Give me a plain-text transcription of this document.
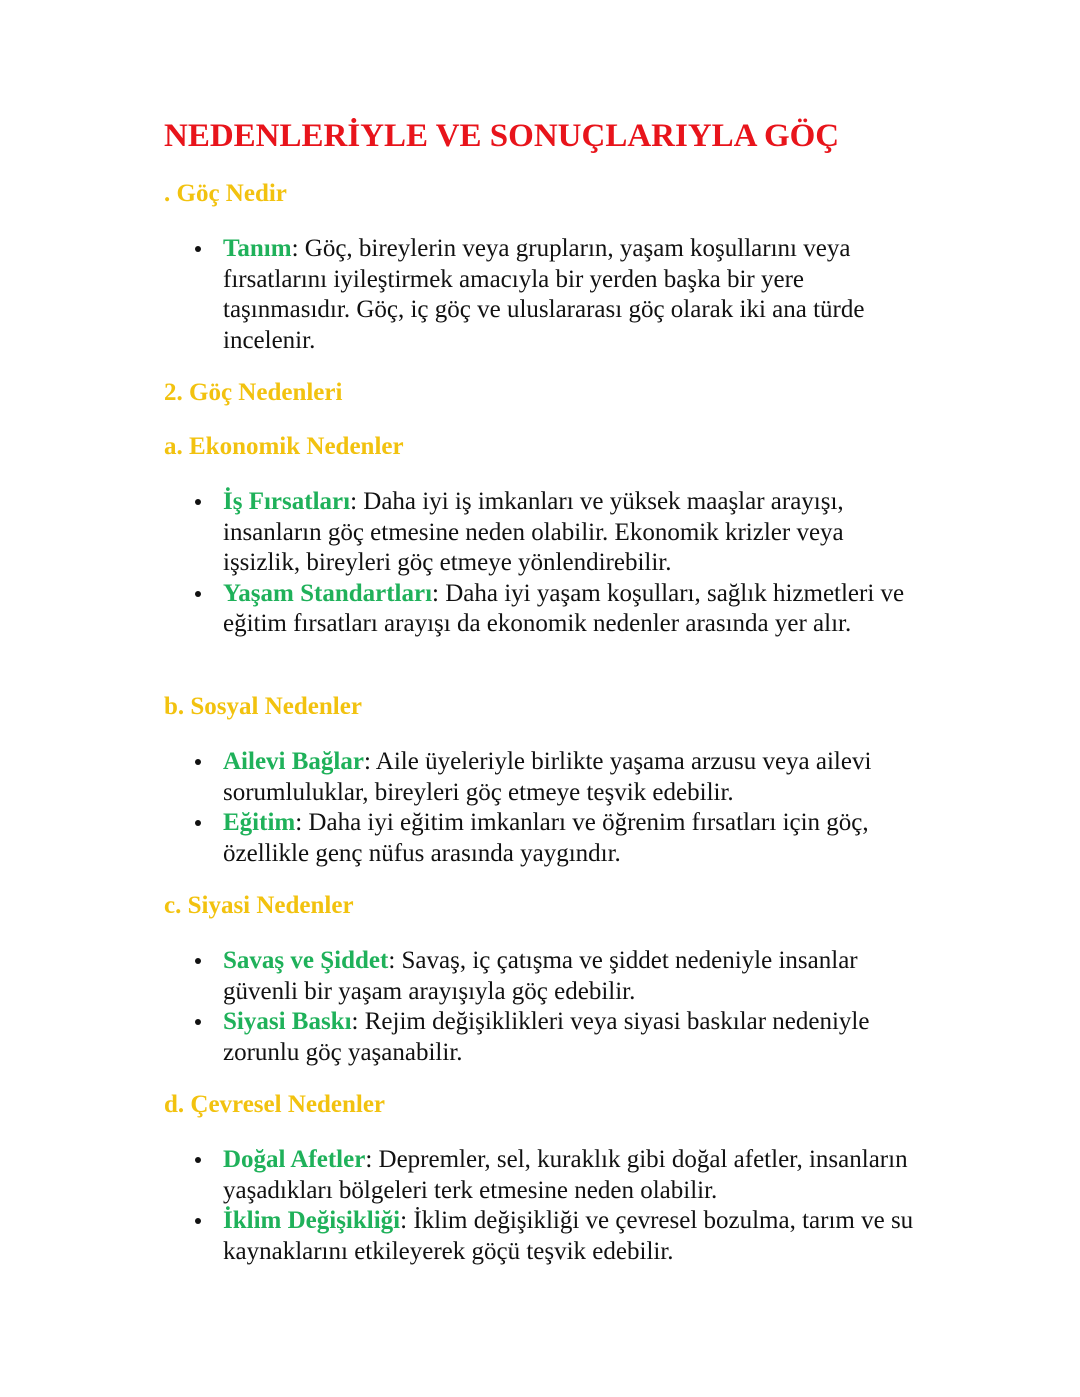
NEDENLERİYLE VE SONUÇLARIYLA GÖÇ
. Göç Nedir
Tanım: Göç, bireylerin veya grupların, yaşam koşullarını veya fırsatlarını iyileştirmek amacıyla bir yerden başka bir yere taşınmasıdır. Göç, iç göç ve uluslararası göç olarak iki ana türde incelenir.
2. Göç Nedenleri
a. Ekonomik Nedenler
İş Fırsatları: Daha iyi iş imkanları ve yüksek maaşlar arayışı, insanların göç etmesine neden olabilir. Ekonomik krizler veya işsizlik, bireyleri göç etmeye yönlendirebilir.
Yaşam Standartları: Daha iyi yaşam koşulları, sağlık hizmetleri ve eğitim fırsatları arayışı da ekonomik nedenler arasında yer alır.
b. Sosyal Nedenler
Ailevi Bağlar: Aile üyeleriyle birlikte yaşama arzusu veya ailevi sorumluluklar, bireyleri göç etmeye teşvik edebilir.
Eğitim: Daha iyi eğitim imkanları ve öğrenim fırsatları için göç, özellikle genç nüfus arasında yaygındır.
c. Siyasi Nedenler
Savaş ve Şiddet: Savaş, iç çatışma ve şiddet nedeniyle insanlar güvenli bir yaşam arayışıyla göç edebilir.
Siyasi Baskı: Rejim değişiklikleri veya siyasi baskılar nedeniyle zorunlu göç yaşanabilir.
d. Çevresel Nedenler
Doğal Afetler: Depremler, sel, kuraklık gibi doğal afetler, insanların yaşadıkları bölgeleri terk etmesine neden olabilir.
İklim Değişikliği: İklim değişikliği ve çevresel bozulma, tarım ve su kaynaklarını etkileyerek göçü teşvik edebilir.
